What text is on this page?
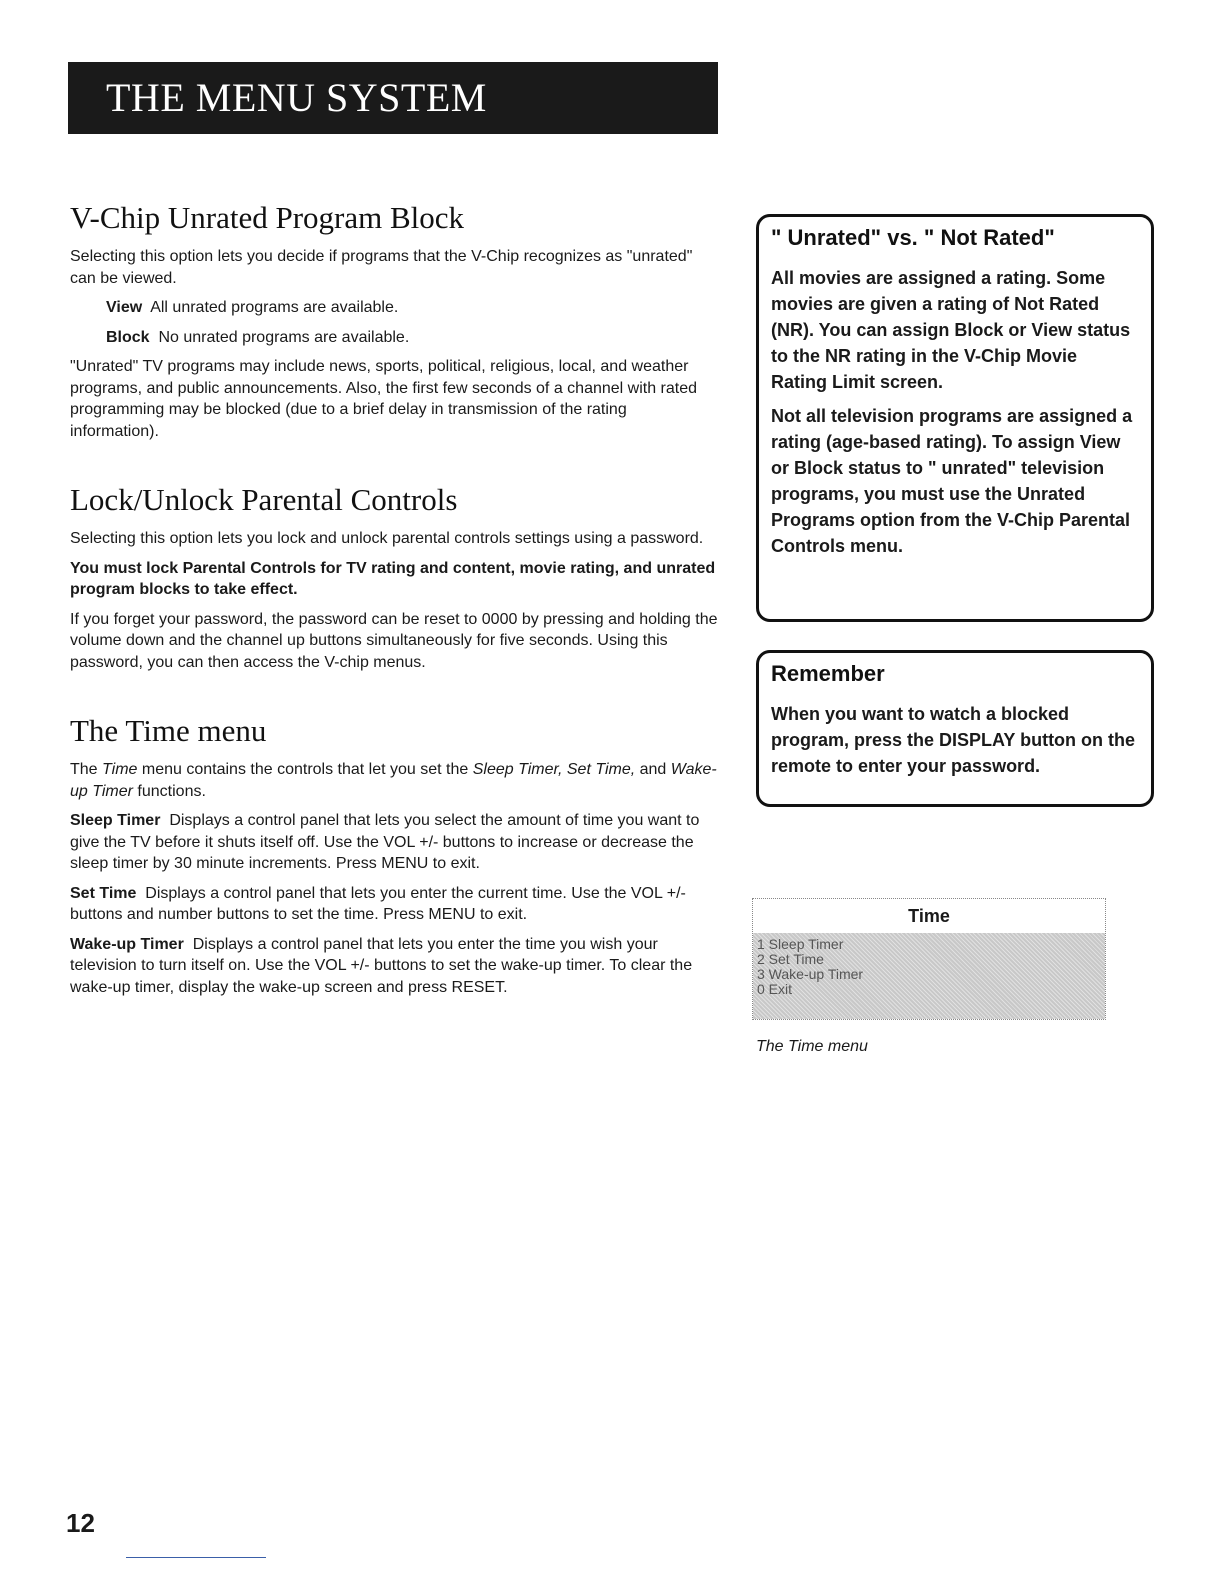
THE MENU SYSTEM
V-Chip Unrated Program Block

Selecting this option lets you decide if programs that the V-Chip recognizes as "unrated" can be viewed.

View All unrated programs are available.

Block No unrated programs are available.

"Unrated" TV programs may include news, sports, political, religious, local, and weather programs, and public announcements. Also, the first few seconds of a channel with rated programming may be blocked (due to a brief delay in transmission of the rating information).

Lock/Unlock Parental Controls

Selecting this option lets you lock and unlock parental controls settings using a password.

You must lock Parental Controls for TV rating and content, movie rating, and unrated program blocks to take effect.

If you forget your password, the password can be reset to 0000 by pressing and holding the volume down and the channel up buttons simultaneously for five seconds. Using this password, you can then access the V-chip menus.

The Time menu

The Time menu contains the controls that let you set the Sleep Timer, Set Time, and Wake-up Timer functions.

Sleep Timer Displays a control panel that lets you select the amount of time you want to give the TV before it shuts itself off. Use the VOL +/- buttons to increase or decrease the sleep timer by 30 minute increments. Press MENU to exit.

Set Time Displays a control panel that lets you enter the current time. Use the VOL +/- buttons and number buttons to set the time. Press MENU to exit.

Wake-up Timer Displays a control panel that lets you enter the time you wish your television to turn itself on. Use the VOL +/- buttons to set the wake-up timer. To clear the wake-up timer, display the wake-up screen and press RESET.

" Unrated" vs. " Not Rated"

All movies are assigned a rating. Some movies are given a rating of Not Rated (NR). You can assign Block or View status to the NR rating in the V-Chip Movie Rating Limit screen.

Not all television programs are assigned a rating (age-based rating). To assign View or Block status to " unrated" television programs, you must use the Unrated Programs option from the V-Chip Parental Controls menu.

Remember

When you want to watch a blocked program, press the DISPLAY button on the remote to enter your password.

Time
1 Sleep Timer
2 Set Time
3 Wake-up Timer
0 Exit
The Time menu
12
